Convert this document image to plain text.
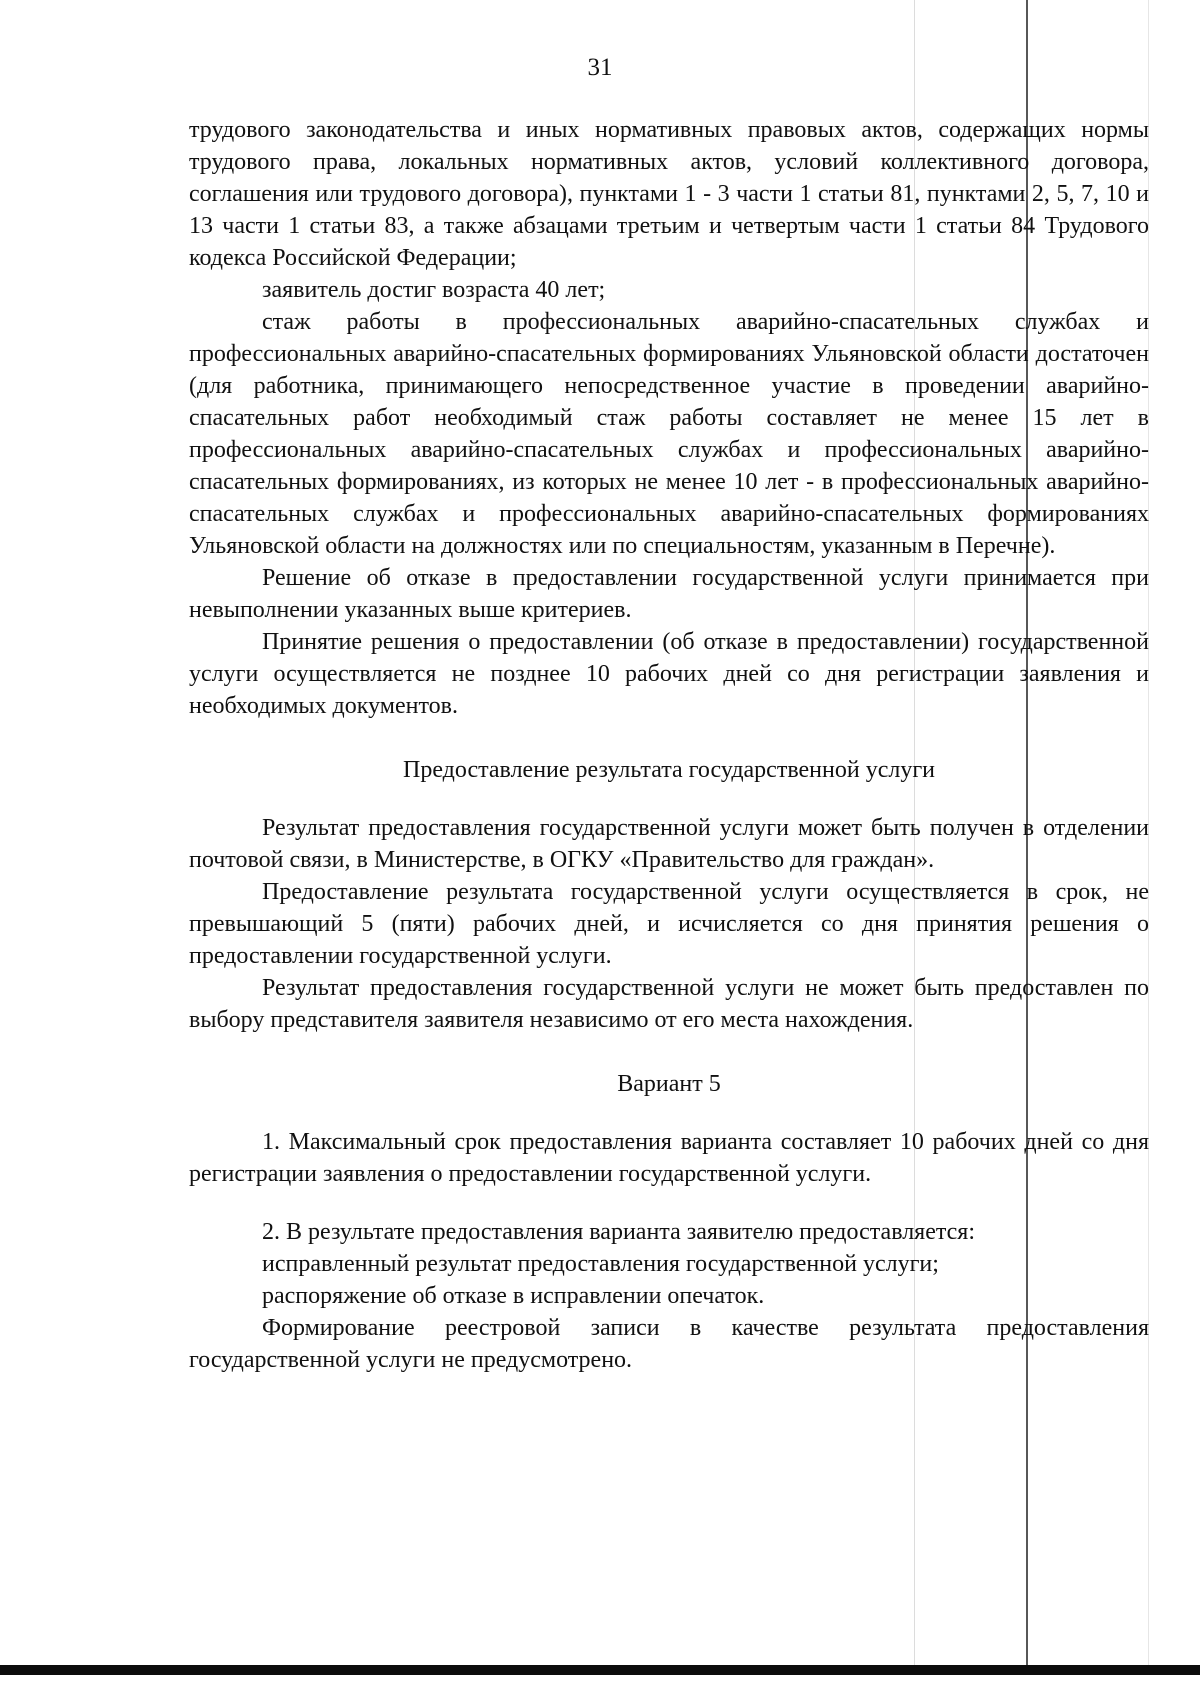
31

трудового законодательства и иных нормативных правовых актов, содержащих нормы трудового права, локальных нормативных актов, условий коллективного договора, соглашения или трудового договора), пунктами 1 - 3 части 1 статьи 81, пунктами 2, 5, 7, 10 и 13 части 1 статьи 83, а также абзацами третьим и четвертым части 1 статьи 84 Трудового кодекса Российской Федерации;

заявитель достиг возраста 40 лет;

стаж работы в профессиональных аварийно-спасательных службах и профессиональных аварийно-спасательных формированиях Ульяновской области достаточен (для работника, принимающего непосредственное участие в проведении аварийно-спасательных работ необходимый стаж работы составляет не менее 15 лет в профессиональных аварийно-спасательных службах и профессиональных аварийно-спасательных формированиях, из которых не менее 10 лет - в профессиональных аварийно-спасательных службах и профессиональных аварийно-спасательных формированиях Ульяновской области на должностях или по специальностям, указанным в Перечне).

Решение об отказе в предоставлении государственной услуги принимается при невыполнении указанных выше критериев.

Принятие решения о предоставлении (об отказе в предоставлении) государственной услуги осуществляется не позднее 10 рабочих дней со дня регистрации заявления и необходимых документов.

Предоставление результата государственной услуги

Результат предоставления государственной услуги может быть получен в отделении почтовой связи, в Министерстве, в ОГКУ «Правительство для граждан».

Предоставление результата государственной услуги осуществляется в срок, не превышающий 5 (пяти) рабочих дней, и исчисляется со дня принятия решения о предоставлении государственной услуги.

Результат предоставления государственной услуги не может быть предоставлен по выбору представителя заявителя независимо от его места нахождения.

Вариант 5

1. Максимальный срок предоставления варианта составляет 10 рабочих дней со дня регистрации заявления о предоставлении государственной услуги.

2. В результате предоставления варианта заявителю предоставляется:

исправленный результат предоставления государственной услуги;

распоряжение об отказе в исправлении опечаток.

Формирование реестровой записи в качестве результата предоставления государственной услуги не предусмотрено.
